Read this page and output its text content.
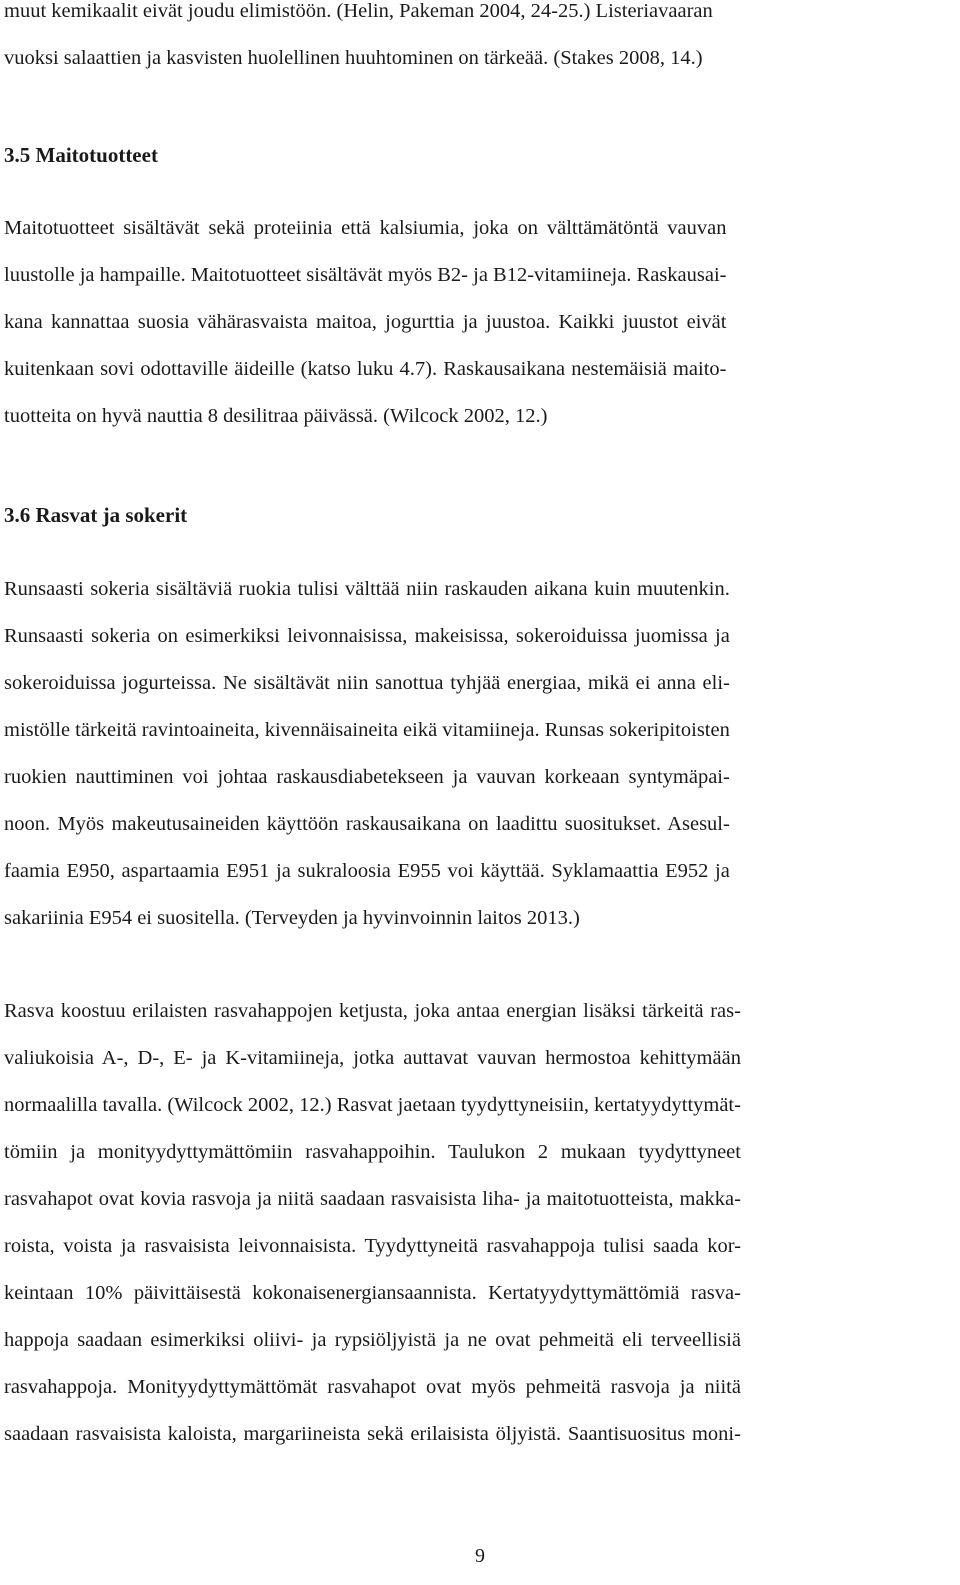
muut kemikaalit eivät joudu elimistöön. (Helin, Pakeman 2004, 24-25.) Listeriavaaran
vuoksi salaattien ja kasvisten huolellinen huuhtominen on tärkeää. (Stakes 2008, 14.)
3.5 Maitotuotteet
Maitotuotteet sisältävät sekä proteiinia että kalsiumia, joka on välttämätöntä vauvan
luustolle ja hampaille. Maitotuotteet sisältävät myös B2- ja B12-vitamiineja. Raskausai-
kana kannattaa suosia vähärasvaista maitoa, jogurttia ja juustoa. Kaikki juustot eivät
kuitenkaan sovi odottaville äideille (katso luku 4.7). Raskausaikana nestemäisiä maito-
tuotteita on hyvä nauttia 8 desilitraa päivässä. (Wilcock 2002, 12.)
3.6 Rasvat ja sokerit
Runsaasti sokeria sisältäviä ruokia tulisi välttää niin raskauden aikana kuin muutenkin.
Runsaasti sokeria on esimerkiksi leivonnaisissa, makeisissa, sokeroiduissa juomissa ja
sokeroiduissa jogurteissa. Ne sisältävät niin sanottua tyhjää energiaa, mikä ei anna eli-
mistölle tärkeitä ravintoaineita, kivennäisaineita eikä vitamiineja. Runsas sokeripitoisten
ruokien nauttiminen voi johtaa raskausdiabetekseen ja vauvan korkeaan syntymäpai-
noon. Myös makeutusaineiden käyttöön raskausaikana on laadittu suositukset. Asesul-
faamia E950, aspartaamia E951 ja sukraloosia E955 voi käyttää. Syklamaattia E952 ja
sakariinia E954 ei suositella. (Terveyden ja hyvinvoinnin laitos 2013.)
Rasva koostuu erilaisten rasvahappojen ketjusta, joka antaa energian lisäksi tärkeitä ras-
valiukoisia A-, D-, E- ja K-vitamiineja, jotka auttavat vauvan hermostoa kehittymään
normaalilla tavalla. (Wilcock 2002, 12.) Rasvat jaetaan tyydyttyneisiin, kertatyydyttymät-
tömiin ja monityydyttymättömiin rasvahappoihin. Taulukon 2 mukaan tyydyttyneet
rasvahapot ovat kovia rasvoja ja niitä saadaan rasvaisista liha- ja maitotuotteista, makka-
roista, voista ja rasvaisista leivonnaisista. Tyydyttyneitä rasvahappoja tulisi saada kor-
keintaan 10% päivittäisestä kokonaisenergiansaannista. Kertatyydyttymättömiä rasva-
happoja saadaan esimerkiksi oliivi- ja rypsiöljyistä ja ne ovat pehmeitä eli terveellisiä
rasvahappoja. Monityydyttymättömät rasvahapot ovat myös pehmeitä rasvoja ja niitä
saadaan rasvaisista kaloista, margariineista sekä erilaisista öljyistä. Saantisuositus moni-
9
